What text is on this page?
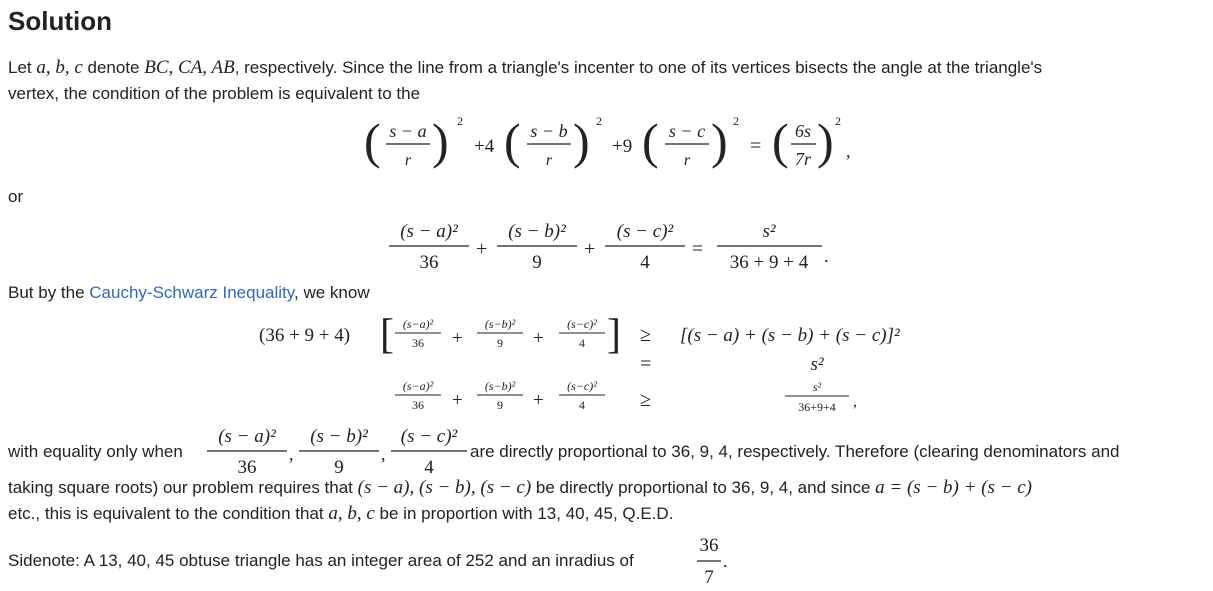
Solution
Let a, b, c denote BC, CA, AB, respectively. Since the line from a triangle's incenter to one of its vertices bisects the angle at the triangle's
vertex, the condition of the problem is equivalent to the
( s − a
r ) 2
+4 ( s − b
r ) 2
+9 ( s − c
r ) 2
= ( 6s
7r ) 2
,
or
(s − a)²
36
+
(s − b)²
9
+
(s − c)²
4
=
s²
36 + 9 + 4 .
But by the Cauchy-Schwarz Inequality, we know
(36 + 9 + 4) [ (s−a)²
36 +
(s−b)²
9 +
(s−c)²
4 ] ≥ [(s − a) + (s − b) + (s − c)]²
=	s²
(s−a)²
36 +
(s−b)²
9 +
(s−c)²
4	≥
s²
36+9+4 ,
with equality only when
(s − a)²
36
,
(s − b)²
9
,
(s − c)²
4
are directly proportional to 36, 9, 4, respectively. Therefore (clearing denominators and
taking square roots) our problem requires that (s − a), (s − b), (s − c) be directly proportional to 36, 9, 4, and since a = (s − b) + (s − c)
etc., this is equivalent to the condition that a, b, c be in proportion with 13, 40, 45, Q.E.D.
Sidenote: A 13, 40, 45 obtuse triangle has an integer area of 252 and an inradius of
36
7
.
